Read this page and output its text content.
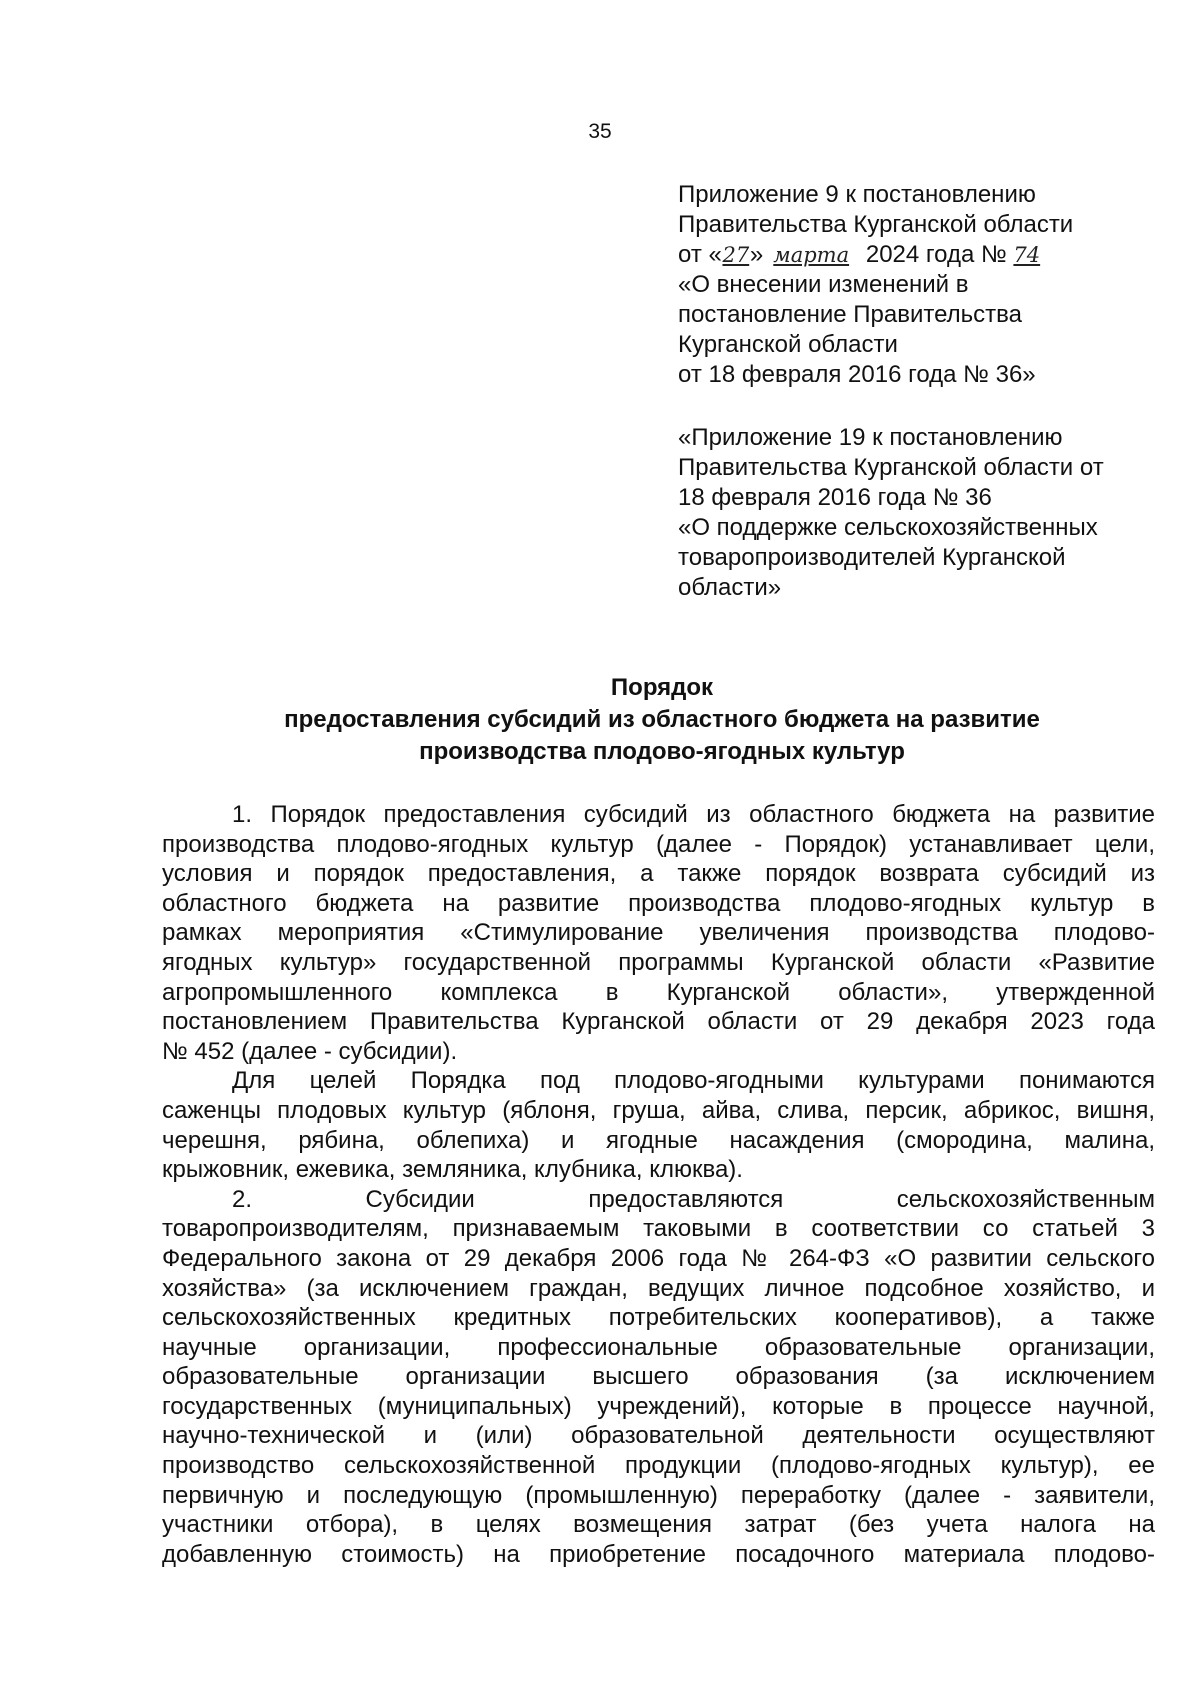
35
Приложение 9 к постановлению
Правительства Курганской области
от «27» марта 2024 года № 74
«О внесении изменений в
постановление Правительства
Курганской области
от 18 февраля 2016 года № 36»
«Приложение 19 к постановлению
Правительства Курганской области от
18 февраля 2016 года № 36
«О поддержке сельскохозяйственных
товаропроизводителей Курганской
области»
Порядок
предоставления субсидий из областного бюджета на развитие
производства плодово-ягодных культур
1. Порядок предоставления субсидий из областного бюджета на развитие
производства плодово-ягодных культур (далее - Порядок) устанавливает цели,
условия и порядок предоставления, а также порядок возврата субсидий из
областного бюджета на развитие производства плодово-ягодных культур в
рамках мероприятия «Стимулирование увеличения производства плодово-
ягодных культур» государственной программы Курганской области «Развитие
агропромышленного комплекса в Курганской области», утвержденной
постановлением Правительства Курганской области от 29 декабря 2023 года
№ 452 (далее - субсидии).
Для целей Порядка под плодово-ягодными культурами понимаются
саженцы плодовых культур (яблоня, груша, айва, слива, персик, абрикос, вишня,
черешня, рябина, облепиха) и ягодные насаждения (смородина, малина,
крыжовник, ежевика, земляника, клубника, клюква).
2. Субсидии предоставляются сельскохозяйственным
товаропроизводителям, признаваемым таковыми в соответствии со статьей 3
Федерального закона от 29 декабря 2006 года № 264-ФЗ «О развитии сельского
хозяйства» (за исключением граждан, ведущих личное подсобное хозяйство, и
сельскохозяйственных кредитных потребительских кооперативов), а также
научные организации, профессиональные образовательные организации,
образовательные организации высшего образования (за исключением
государственных (муниципальных) учреждений), которые в процессе научной,
научно-технической и (или) образовательной деятельности осуществляют
производство сельскохозяйственной продукции (плодово-ягодных культур), ее
первичную и последующую (промышленную) переработку (далее - заявители,
участники отбора), в целях возмещения затрат (без учета налога на
добавленную стоимость) на приобретение посадочного материала плодово-
